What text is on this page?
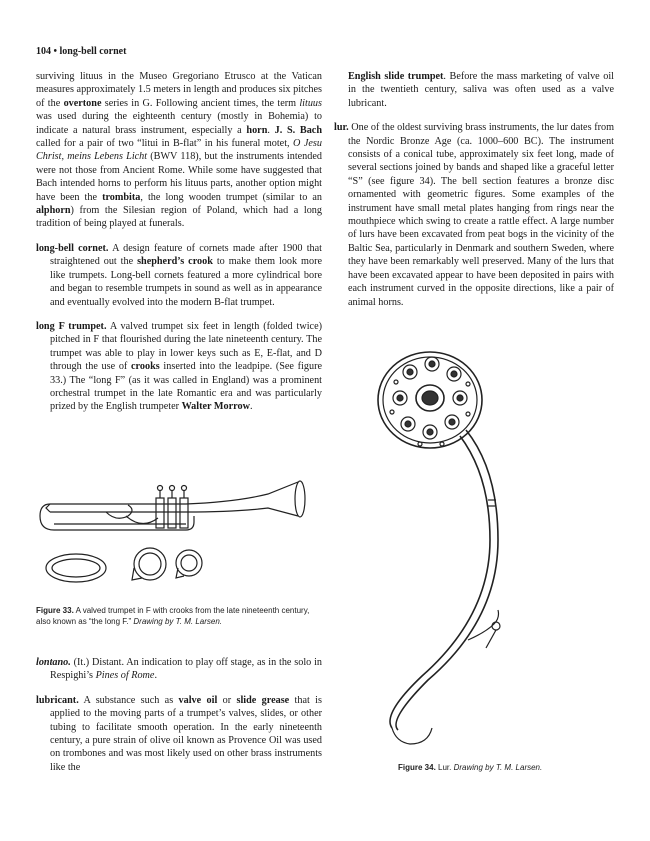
104 • long-bell cornet

surviving lituus in the Museo Gregoriano Etrusco at the Vatican measures approximately 1.5 meters in length and produces six pitches of the overtone series in G. Following ancient times, the term lituus was used during the eighteenth century (mostly in Bohemia) to indicate a natural brass instrument, especially a horn. J. S. Bach called for a pair of two “litui in B-flat” in his funeral motet, O Jesu Christ, meins Lebens Licht (BWV 118), but the instruments intended were not those from Ancient Rome. While some have suggested that Bach intended horns to perform his lituus parts, another option might have been the trombita, the long wooden trumpet (similar to an alphorn) from the Silesian region of Poland, which had a long tradition of being played at funerals.

long-bell cornet. A design feature of cornets made after 1900 that straightened out the shepherd’s crook to make them look more like trumpets. Long-bell cornets featured a more cylindrical bore and began to resemble trumpets in sound as well as in appearance and eventually evolved into the modern B-flat trumpet.

long F trumpet. A valved trumpet six feet in length (folded twice) pitched in F that flourished during the late nineteenth century. The trumpet was able to play in lower keys such as E, E-flat, and D through the use of crooks inserted into the leadpipe. (See figure 33.) The “long F” (as it was called in England) was a prominent orchestral trumpet in the late Romantic era and was particularly prized by the English trumpeter Walter Morrow.

lontano. (It.) Distant. An indication to play off stage, as in the solo in Respighi’s Pines of Rome.

lubricant. A substance such as valve oil or slide grease that is applied to the moving parts of a trumpet’s valves, slides, or other tubing to facilitate smooth operation. In the early nineteenth century, a pure strain of olive oil known as Provence Oil was used on trombones and was most likely used on other brass instruments like the

English slide trumpet. Before the mass marketing of valve oil in the twentieth century, saliva was often used as a valve lubricant.

lur. One of the oldest surviving brass instruments, the lur dates from the Nordic Bronze Age (ca. 1000–600 BC). The instrument consists of a conical tube, approximately six feet long, made of several sections joined by bands and shaped like a graceful letter “S” (see figure 34). The bell section features a bronze disc ornamented with geometric figures. Some examples of the instrument have small metal plates hanging from rings near the mouthpiece which swing to create a rattle effect. A large number of lurs have been excavated from peat bogs in the vicinity of the Baltic Sea, particularly in Denmark and southern Sweden, where they have been remarkably well preserved. Many of the lurs that have been excavated appear to have been deposited in pairs with each instrument curved in the opposite directions, like a pair of animal horns.

Figure 33. A valved trumpet in F with crooks from the late nineteenth century, also known as “the long F.” Drawing by T. M. Larsen.
Figure 34. Lur. Drawing by T. M. Larsen.
